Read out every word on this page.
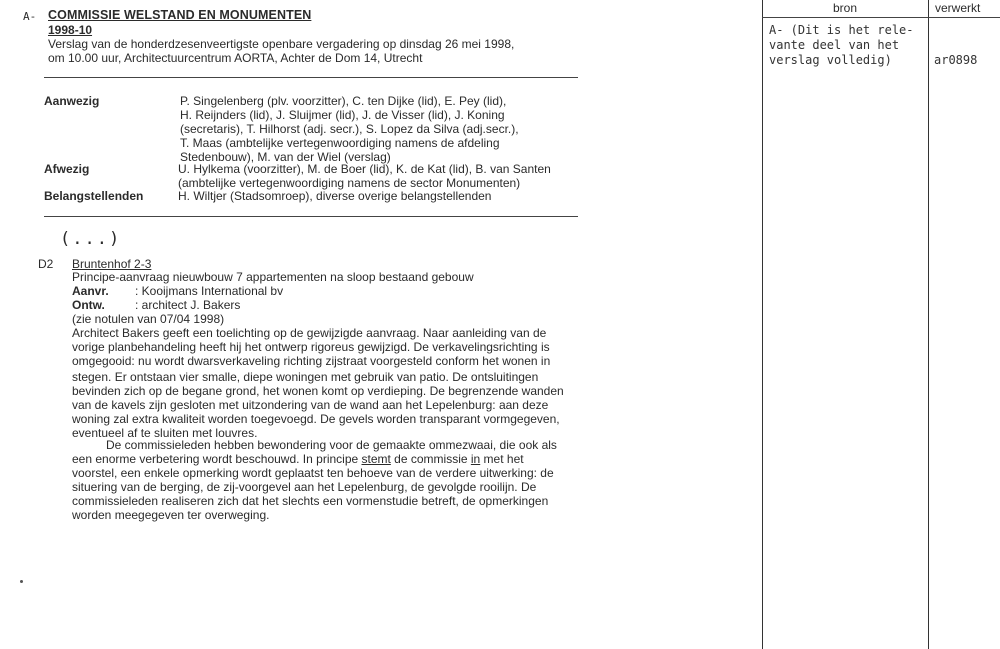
bron	verwerkt
A- (Dit is het rele-
vante deel van het
verslag volledig)	ar0898
A- COMMISSIE WELSTAND EN MONUMENTEN
1998-10
Verslag van de honderdzesenveertigste openbare vergadering op dinsdag 26 mei 1998,
om 10.00 uur, Architectuurcentrum AORTA, Achter de Dom 14, Utrecht
Aanwezig	P. Singelenberg (plv. voorzitter), C. ten Dijke (lid), E. Pey (lid),
H. Reijnders (lid), J. Sluijmer (lid), J. de Visser (lid), J. Koning
(secretaris), T. Hilhorst (adj. secr.), S. Lopez da Silva (adj.secr.),
T. Maas (ambtelijke vertegenwoordiging namens de afdeling
Stedenbouw), M. van der Wiel (verslag)
Afwezig	U. Hylkema (voorzitter), M. de Boer (lid), K. de Kat (lid), B. van Santen
(ambtelijke vertegenwoordiging namens de sector Monumenten)
Belangstellenden	H. Wiltjer (Stadsomroep), diverse overige belangstellenden
(...)
D2 Bruntenhof 2-3
Principe-aanvraag nieuwbouw 7 appartementen na sloop bestaand gebouw
Aanvr. : Kooijmans International bv
Ontw.	: architect J. Bakers
(zie notulen van 07/04 1998)

Architect Bakers geeft een toelichting op de gewijzigde aanvraag. Naar aanleiding van de

vorige planbehandeling heeft hij het ontwerp rigoreus gewijzigd. De verkavelingsrichting is

omgegooid: nu wordt dwarsverkaveling richting zijstraat voorgesteld conform het wonen in

stegen. Er ontstaan vier smalle, diepe woningen met gebruik van patio. De ontsluitingen

bevinden zich op de begane grond, het wonen komt op verdieping. De begrenzende wanden

van de kavels zijn gesloten met uitzondering van de wand aan het Lepelenburg: aan deze

woning zal extra kwaliteit worden toegevoegd. De gevels worden transparant vormgegeven,

eventueel af te sluiten met louvres.

De commissieleden hebben bewondering voor de gemaakte ommezwaai, die ook als

een enorme verbetering wordt beschouwd. In principe stemt de commissie in met het

voorstel, een enkele opmerking wordt geplaatst ten behoeve van de verdere uitwerking: de

situering van de berging, de zij-voorgevel aan het Lepelenburg, de gevolgde rooilijn. De

commissieleden realiseren zich dat het slechts een vormenstudie betreft, de opmerkingen

worden meegegeven ter overweging.
